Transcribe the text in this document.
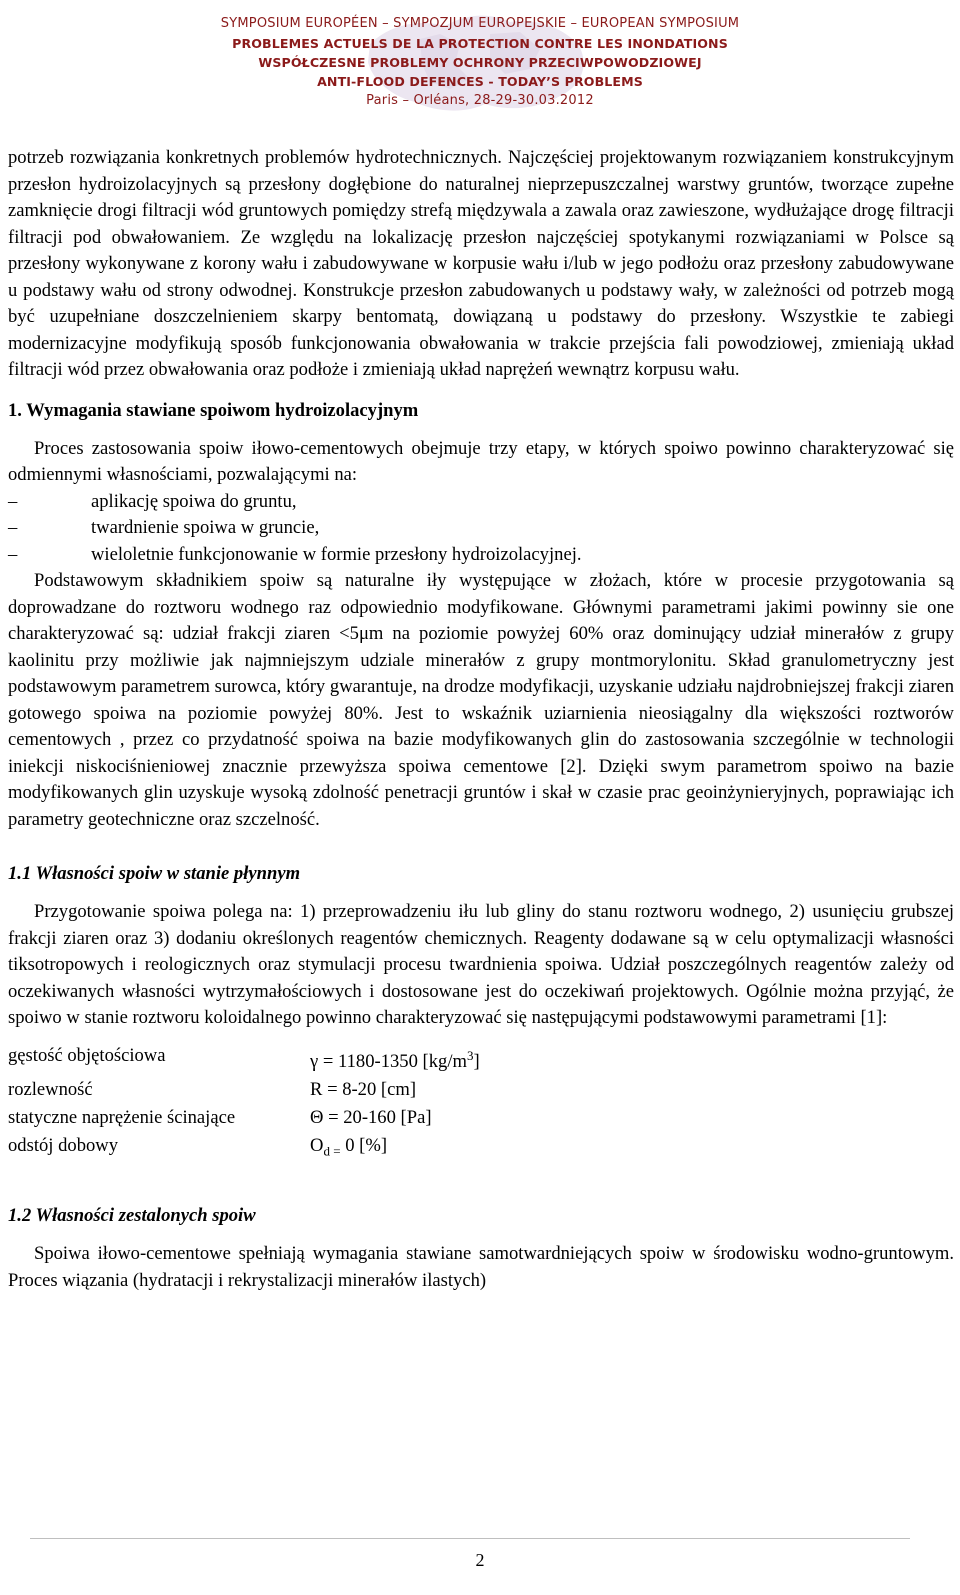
SYMPOSIUM EUROPÉEN – SYMPOZJUM EUROPEJSKIE – EUROPEAN SYMPOSIUM
PROBLEMES ACTUELS DE LA PROTECTION CONTRE LES INONDATIONS
WSPÓŁCZESNE PROBLEMY OCHRONY PRZECIWPOWODZIOWEJ
ANTI-FLOOD DEFENCES - TODAY’S PROBLEMS
Paris – Orléans, 28-29-30.03.2012

potrzeb rozwiązania konkretnych problemów hydrotechnicznych. Najczęściej projektowanym rozwiązaniem konstrukcyjnym przesłon hydroizolacyjnych są przesłony dogłębione do naturalnej nieprzepuszczalnej warstwy gruntów, tworzące zupełne zamknięcie drogi filtracji wód gruntowych pomiędzy strefą międzywala a zawala oraz zawieszone, wydłużające drogę filtracji filtracji pod obwałowaniem. Ze względu na lokalizację przesłon najczęściej spotykanymi rozwiązaniami w Polsce są przesłony wykonywane z korony wału i zabudowywane w korpusie wału i/lub w jego podłożu oraz przesłony zabudowywane u podstawy wału od strony odwodnej. Konstrukcje przesłon zabudowanych u podstawy wały, w zależności od potrzeb mogą być uzupełniane doszczelnieniem skarpy bentomatą, dowiązaną u podstawy do przesłony. Wszystkie te zabiegi modernizacyjne modyfikują sposób funkcjonowania obwałowania w trakcie przejścia fali powodziowej, zmieniają układ filtracji wód przez obwałowania oraz podłoże i zmieniają układ naprężeń wewnątrz korpusu wału.

1. Wymagania stawiane spoiwom hydroizolacyjnym

Proces zastosowania spoiw iłowo-cementowych obejmuje trzy etapy, w których spoiwo powinno charakteryzować się odmiennymi własnościami, pozwalającymi na:

–	aplikację spoiwa do gruntu,
–	twardnienie spoiwa w gruncie,
–	wieloletnie funkcjonowanie w formie przesłony hydroizolacyjnej.

Podstawowym składnikiem spoiw są naturalne iły występujące w złożach, które w procesie przygotowania są doprowadzane do roztworu wodnego raz odpowiednio modyfikowane. Głównymi parametrami jakimi powinny sie one charakteryzować są: udział frakcji ziaren <5μm na poziomie powyżej 60% oraz dominujący udział minerałów z grupy kaolinitu przy możliwie jak najmniejszym udziale minerałów z grupy montmorylonitu. Skład granulometryczny jest podstawowym parametrem surowca, który gwarantuje, na drodze modyfikacji, uzyskanie udziału najdrobniejszej frakcji ziaren gotowego spoiwa na poziomie powyżej 80%. Jest to wskaźnik uziarnienia nieosiągalny dla większości roztworów cementowych , przez co przydatność spoiwa na bazie modyfikowanych glin do zastosowania szczególnie w technologii iniekcji niskociśnieniowej znacznie przewyższa spoiwa cementowe [2]. Dzięki swym parametrom spoiwo na bazie modyfikowanych glin uzyskuje wysoką zdolność penetracji gruntów i skał w czasie prac geoinżynieryjnych, poprawiając ich parametry geotechniczne oraz szczelność.

1.1 Własności spoiw w stanie płynnym

Przygotowanie spoiwa polega na: 1) przeprowadzeniu iłu lub gliny do stanu roztworu wodnego, 2) usunięciu grubszej frakcji ziaren oraz 3) dodaniu określonych reagentów chemicznych. Reagenty dodawane są w celu optymalizacji własności tiksotropowych i reologicznych oraz stymulacji procesu twardnienia spoiwa. Udział poszczególnych reagentów zależy od oczekiwanych własności wytrzymałościowych i dostosowane jest do oczekiwań projektowych. Ogólnie można przyjąć, że spoiwo w stanie roztworu koloidalnego powinno charakteryzować się następującymi podstawowymi parametrami [1]:

gęstość objętościowa	γ = 1180-1350 $[kg/m^3]$
rozlewność	R = 8-20 [cm]
statyczne naprężenie ścinające	Θ = 20-160 [Pa]
odstój dobowy	$O_{d =}$ 0 [%]
1.2 Własności zestalonych spoiw

Spoiwa iłowo-cementowe spełniają wymagania stawiane samotwardniejących spoiw w środowisku wodno-gruntowym. Proces wiązania (hydratacji i rekrystalizacji minerałów ilastych)

2
